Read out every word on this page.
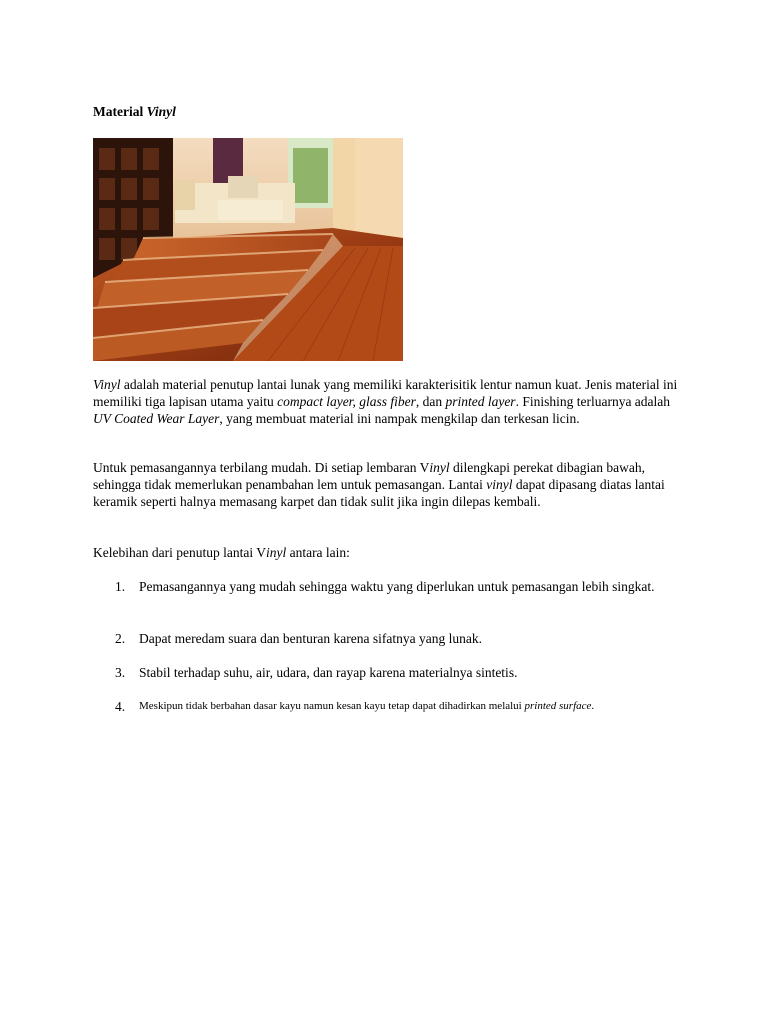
Material Vinyl
Vinyl adalah material penutup lantai lunak yang memiliki karakterisitik lentur namun kuat. Jenis material ini memiliki tiga lapisan utama yaitu compact layer, glass fiber, dan printed layer. Finishing terluarnya adalah UV Coated Wear Layer, yang membuat material ini nampak mengkilap dan terkesan licin.
Untuk pemasangannya terbilang mudah. Di setiap lembaran Vinyl dilengkapi perekat dibagian bawah, sehingga tidak memerlukan penambahan lem untuk pemasangan. Lantai vinyl dapat dipasang diatas lantai keramik seperti halnya memasang karpet dan tidak sulit jika ingin dilepas kembali.
Kelebihan dari penutup lantai Vinyl antara lain:
1.	Pemasangannya yang mudah sehingga waktu yang diperlukan untuk pemasangan lebih singkat.
2.	Dapat meredam suara dan benturan karena sifatnya yang lunak.
3.	Stabil terhadap suhu, air, udara, dan rayap karena materialnya sintetis.
4.	Meskipun tidak berbahan dasar kayu namun kesan kayu tetap dapat dihadirkan melalui printed surface.
